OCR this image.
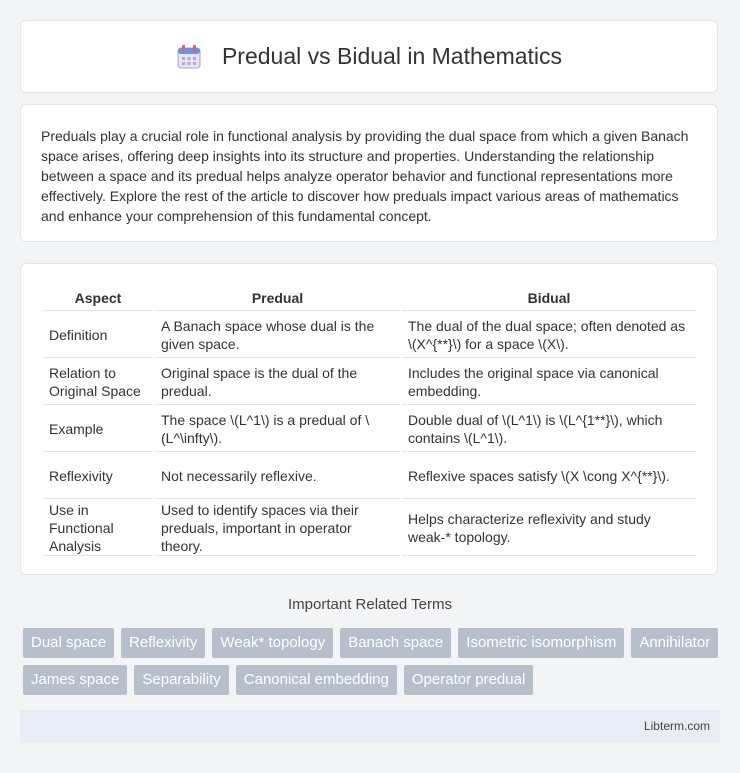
Predual vs Bidual in Mathematics

Preduals play a crucial role in functional analysis by providing the dual space from which a given Banach space arises, offering deep insights into its structure and properties. Understanding the relationship between a space and its predual helps analyze operator behavior and functional representations more effectively. Explore the rest of the article to discover how preduals impact various areas of mathematics and enhance your comprehension of this fundamental concept.

Aspect	Predual	Bidual
Definition	A Banach space whose dual is the given space.	The dual of the dual space; often denoted as \(X^{**}\) for a space \(X\).
Relation to Original Space	Original space is the dual of the predual.	Includes the original space via canonical embedding.
Example	The space \(L^1\) is a predual of \(L^\infty\).	Double dual of \(L^1\) is \(L^{1**}\), which contains \(L^1\).
Reflexivity	Not necessarily reflexive.	Reflexive spaces satisfy \(X \cong X^{**}\).
Use in Functional Analysis	Used to identify spaces via their preduals, important in operator theory.	Helps characterize reflexivity and study weak-* topology.
Important Related Terms
Dual space	Reflexivity	Weak* topology	Banach space	Isometric isomorphism	Annihilator
James space	Separability	Canonical embedding	Operator predual
Libterm.com
